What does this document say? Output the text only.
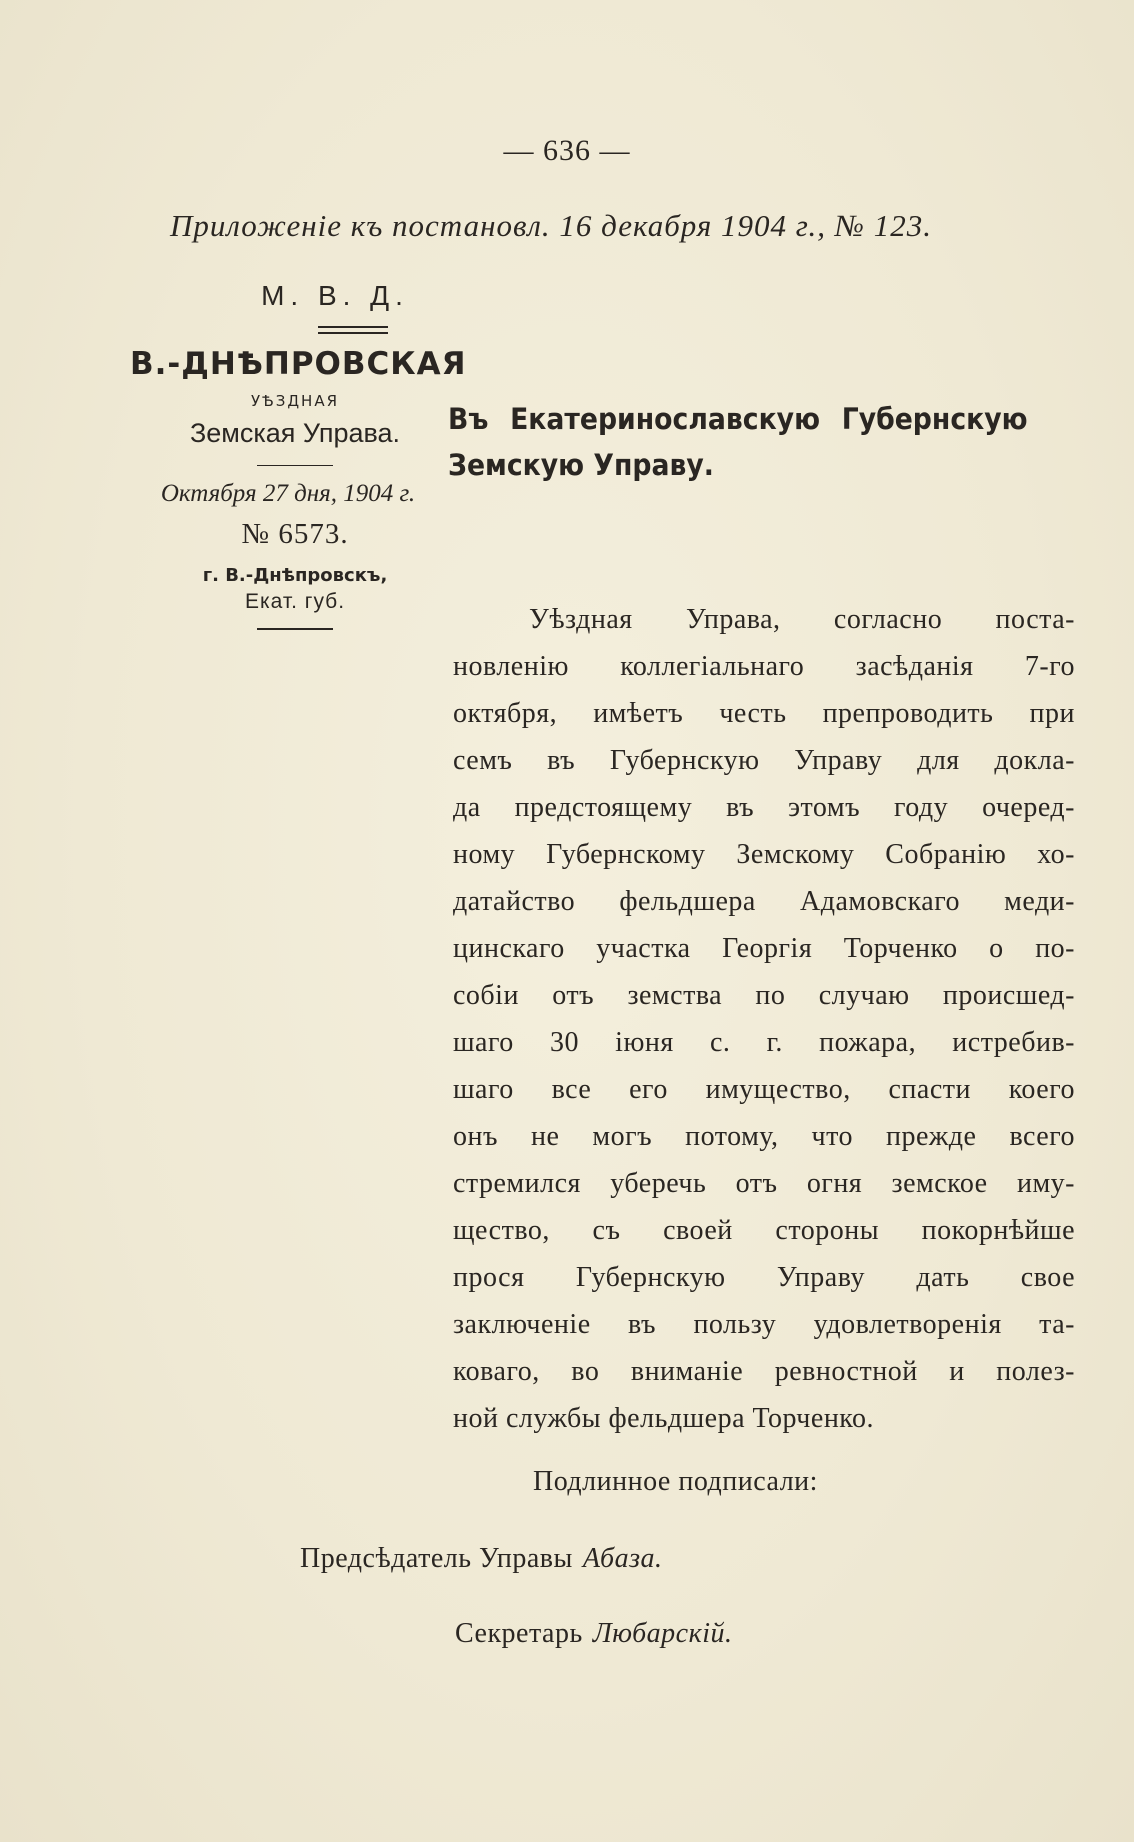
— 636 —
Приложенiе къ постановл. 16 декабря 1904 г., № 123.
М. В. Д.
В.-ДНѢПРОВСКАЯ
УѢЗДНАЯ
Земская Управа.
Октября 27 дня, 1904 г.
№ 6573.
г. В.-Днѣпровскъ,
Екат. губ.
Въ Екатеринославскую Губернскую Земскую Управу.
Уѣздная Управа, согласно поста-
новленiю коллегiальнаго засѣданiя 7-го
октября, имѣетъ честь препроводить при
семъ въ Губернскую Управу для докла-
да предстоящему въ этомъ году очеред-
ному Губернскому Земскому Собранiю хо-
датайство фельдшера Адамовскаго меди-
цинскаго участка Георгiя Торченко о по-
собiи отъ земства по случаю происшед-
шаго 30 iюня с. г. пожара, истребив-
шаго все его имущество, спасти коего
онъ не могъ потому, что прежде всего
стремился уберечь отъ огня земское иму-
щество, съ своей стороны покорнѣйше
прося Губернскую Управу дать свое
заключенiе въ пользу удовлетворенiя та-
коваго, во вниманiе ревностной и полез-
ной службы фельдшера Торченко.
Подлинное подписали:
Предсѣдатель Управы Абаза.
Секретарь Любарскiй.
